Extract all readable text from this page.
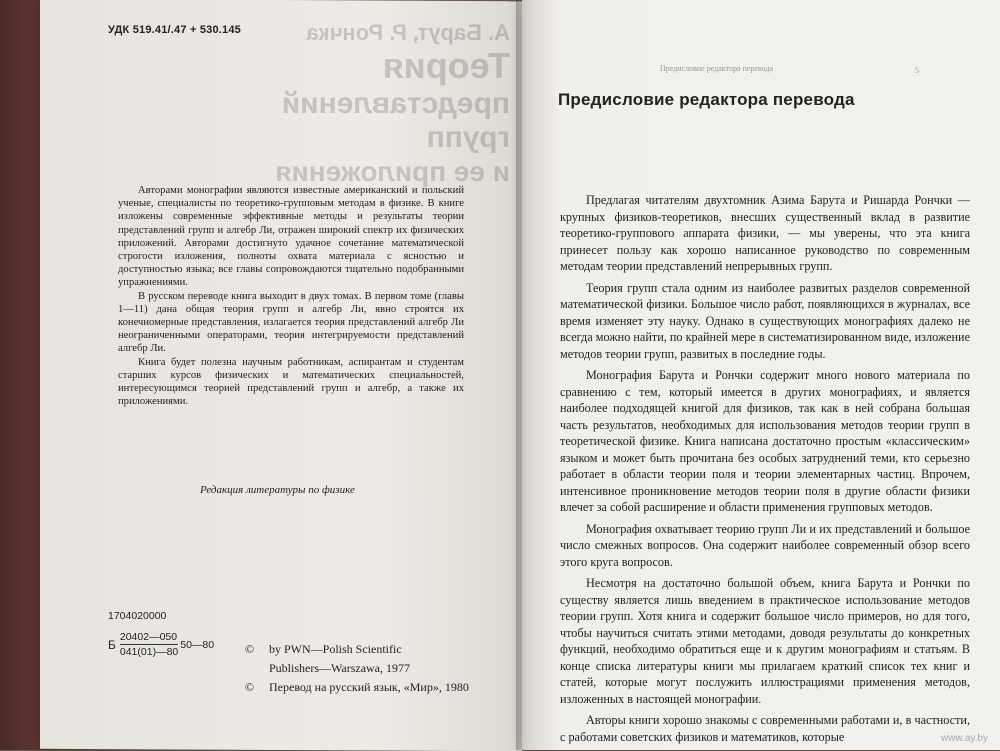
А. Барут, Р. Рончка
Теория
представлений групп
и ее приложения
УДК 519.41/.47 + 530.145

Авторами монографии являются известные американский и польский ученые, специалисты по теоретико-групповым методам в физике. В книге изложены современные эффективные методы и результаты теории представлений групп и алгебр Ли, отражен широкий спектр их физических приложений. Авторами достигнуто удачное сочетание математической строгости изложения, полноты охвата материала с ясностью и доступностью языка; все главы сопровождаются тщательно подобранными упражнениями.

В русском переводе книга выходит в двух томах. В первом томе (главы 1—11) дана общая теория групп и алгебр Ли, явно строятся их конечномерные представления, излагается теория представлений алгебр Ли неограниченными операторами, теория интегрируемости представлений алгебр Ли.

Книга будет полезна научным работникам, аспирантам и студентам старших курсов физических и математических специальностей, интересующимся теорией представлений групп и алгебр, а также их приложениями.

Редакция литературы по физике
1704020000
Б $\frac{20402—050}{041(01)—80}$ 50—80	©	by PWN—Polish Scientific
Publishers—Warszawa, 1977
©	Перевод на русский язык, «Мир», 1980
Предисловие редактора перевода	5
Предисловие редактора перевода

Предлагая читателям двухтомник Азима Барута и Ришарда Рончки — крупных физиков-теоретиков, внесших существенный вклад в развитие теоретико-группового аппарата физики, — мы уверены, что эта книга принесет пользу как хорошо написанное руководство по современным методам теории представлений непрерывных групп.

Теория групп стала одним из наиболее развитых разделов современной математической физики. Большое число работ, появляющихся в журналах, все время изменяет эту науку. Однако в существующих монографиях далеко не всегда можно найти, по крайней мере в систематизированном виде, изложение методов теории групп, развитых в последние годы.

Монография Барута и Рончки содержит много нового материала по сравнению с тем, который имеется в других монографиях, и является наиболее подходящей книгой для физиков, так как в ней собрана большая часть результатов, необходимых для использования методов теории групп в теоретической физике. Книга написана достаточно простым «классическим» языком и может быть прочитана без особых затруднений теми, кто серьезно работает в области теории поля и теории элементарных частиц. Впрочем, интенсивное проникновение методов теории поля в другие области физики влечет за собой расширение и области применения групповых методов.

Монография охватывает теорию групп Ли и их представлений и большое число смежных вопросов. Она содержит наиболее современный обзор всего этого круга вопросов.

Несмотря на достаточно большой объем, книга Барута и Рончки по существу является лишь введением в практическое использование методов теории групп. Хотя книга и содержит большое число примеров, но для того, чтобы научиться считать этими методами, доводя результаты до конкретных функций, необходимо обратиться еще и к другим монографиям и статьям. В конце списка литературы книги мы прилагаем краткий список тех книг и статей, которые могут послужить иллюстрациями применения методов, изложенных в настоящей монографии.

Авторы книги хорошо знакомы с современными работами и, в частности, с работами советских физиков и математиков, которые	www.ay.by
